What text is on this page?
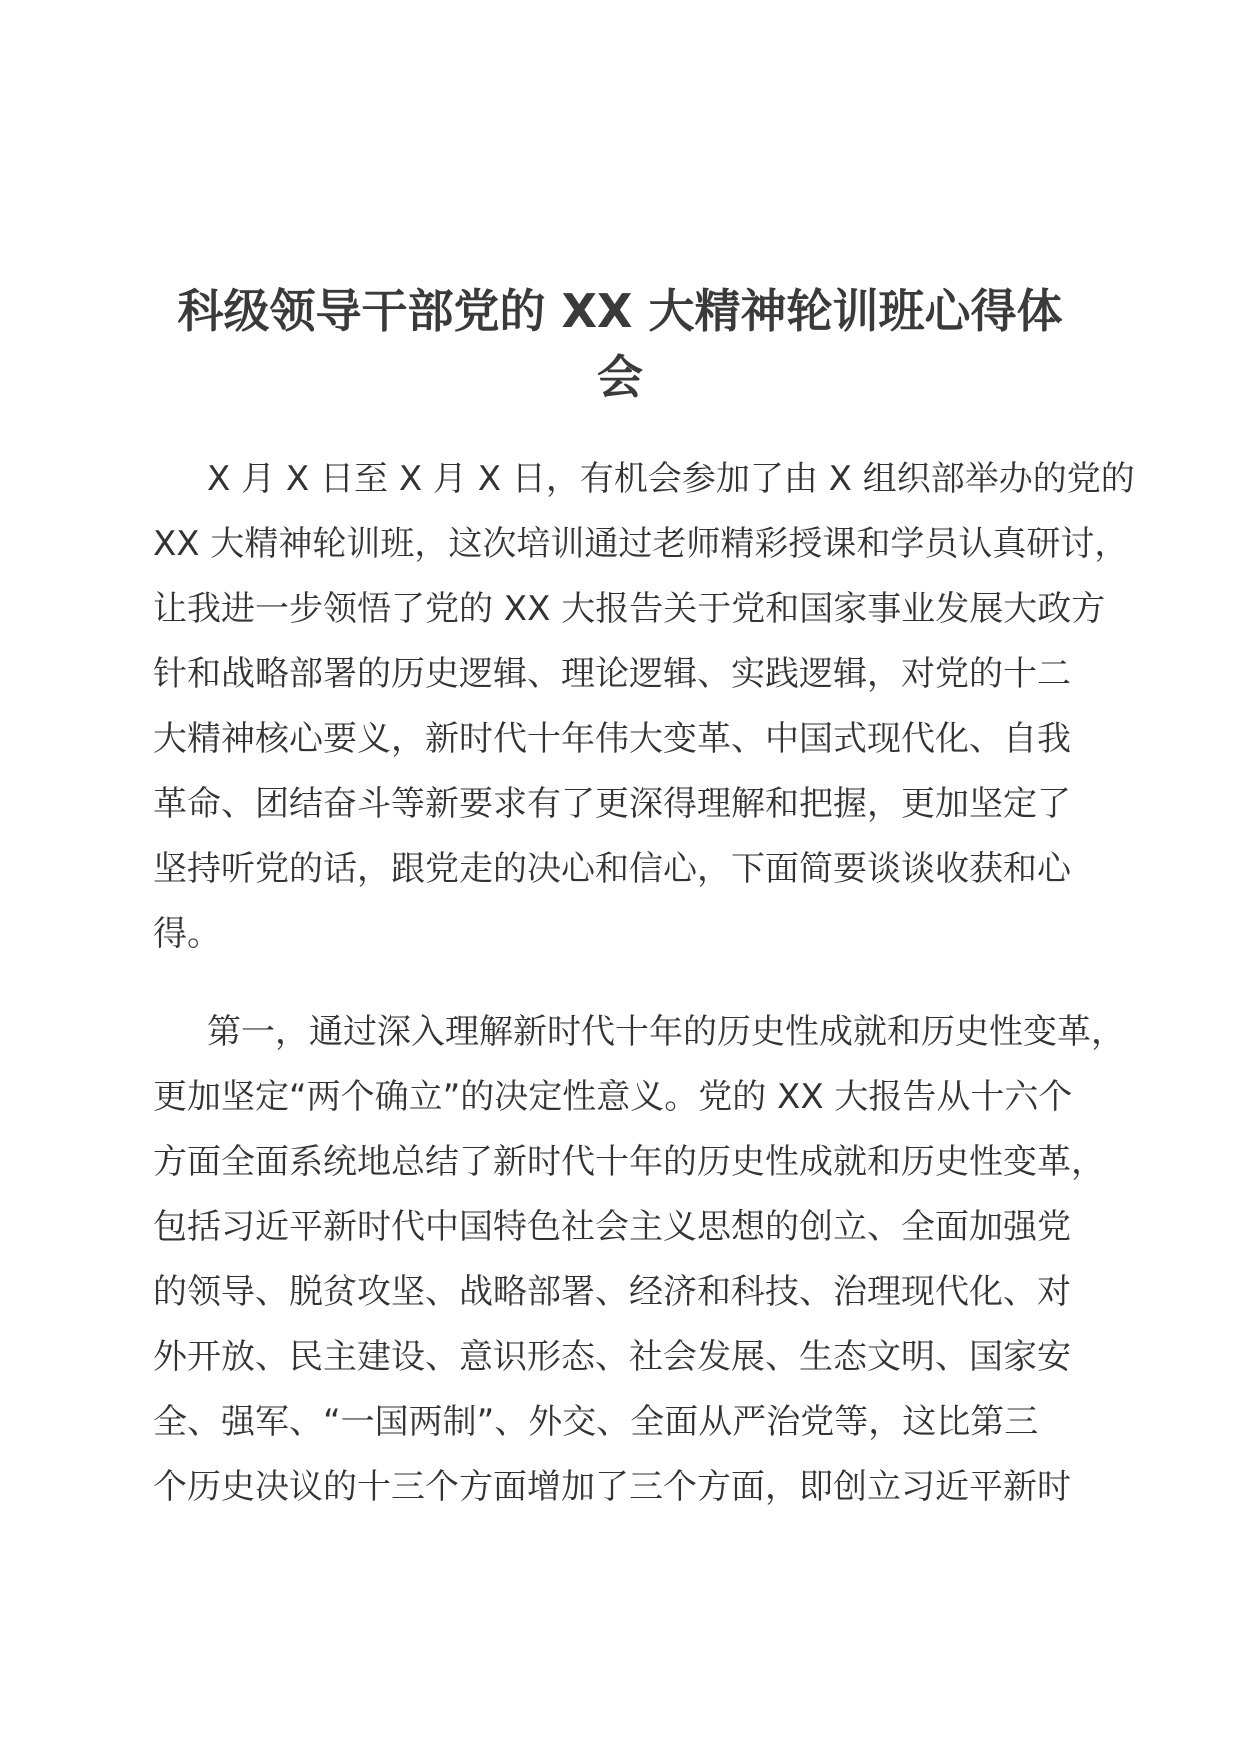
科级领导干部党的 XX 大精神轮训班心得体
会
X 月 X 日至 X 月 X 日，有机会参加了由 X 组织部举办的党的
XX 大精神轮训班，这次培训通过老师精彩授课和学员认真研讨，
让我进一步领悟了党的 XX 大报告关于党和国家事业发展大政方
针和战略部署的历史逻辑、理论逻辑、实践逻辑，对党的十二
大精神核心要义，新时代十年伟大变革、中国式现代化、自我
革命、团结奋斗等新要求有了更深得理解和把握，更加坚定了
坚持听党的话，跟党走的决心和信心，下面简要谈谈收获和心
得。
第一，通过深入理解新时代十年的历史性成就和历史性变革，
更加坚定“两个确立”的决定性意义。党的 XX 大报告从十六个
方面全面系统地总结了新时代十年的历史性成就和历史性变革，
包括习近平新时代中国特色社会主义思想的创立、全面加强党
的领导、脱贫攻坚、战略部署、经济和科技、治理现代化、对
外开放、民主建设、意识形态、社会发展、生态文明、国家安
全、强军、“一国两制”、外交、全面从严治党等，这比第三
个历史决议的十三个方面增加了三个方面，即创立习近平新时
